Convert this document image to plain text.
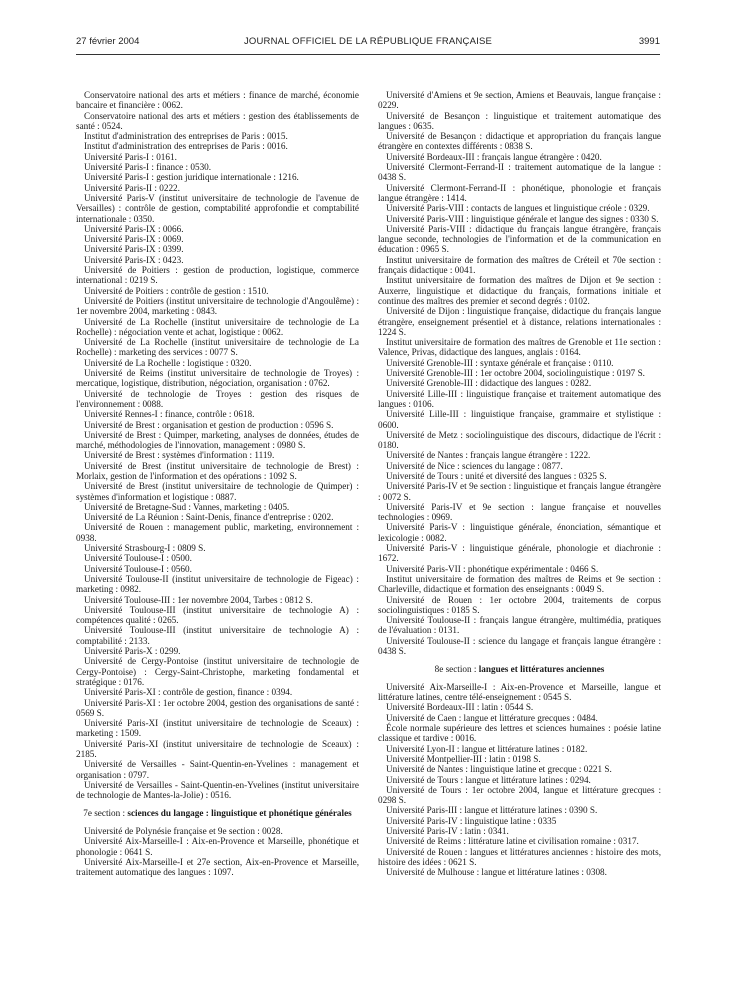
27 février 2004	JOURNAL OFFICIEL DE LA RÉPUBLIQUE FRANÇAISE	3991

Conservatoire national des arts et métiers : finance de marché, économie bancaire et financière : 0062.

Conservatoire national des arts et métiers : gestion des établissements de santé : 0524.

Institut d'administration des entreprises de Paris : 0015.

Institut d'administration des entreprises de Paris : 0016.

Université Paris-I : 0161.

Université Paris-I : finance : 0530.

Université Paris-I : gestion juridique internationale : 1216.

Université Paris-II : 0222.

Université Paris-V (institut universitaire de technologie de l'avenue de Versailles) : contrôle de gestion, comptabilité approfondie et comptabilité internationale : 0350.

Université Paris-IX : 0066.

Université Paris-IX : 0069.

Université Paris-IX : 0399.

Université Paris-IX : 0423.

Université de Poitiers : gestion de production, logistique, commerce international : 0219 S.

Université de Poitiers : contrôle de gestion : 1510.

Université de Poitiers (institut universitaire de technologie d'Angoulême) : 1er novembre 2004, marketing : 0843.

Université de La Rochelle (institut universitaire de technologie de La Rochelle) : négociation vente et achat, logistique : 0062.

Université de La Rochelle (institut universitaire de technologie de La Rochelle) : marketing des services : 0077 S.

Université de La Rochelle : logistique : 0320.

Université de Reims (institut universitaire de technologie de Troyes) : mercatique, logistique, distribution, négociation, organisation : 0762.

Université de technologie de Troyes : gestion des risques de l'environnement : 0088.

Université Rennes-I : finance, contrôle : 0618.

Université de Brest : organisation et gestion de production : 0596 S.

Université de Brest : Quimper, marketing, analyses de données, études de marché, méthodologies de l'innovation, management : 0980 S.

Université de Brest : systèmes d'information : 1119.

Université de Brest (institut universitaire de technologie de Brest) : Morlaix, gestion de l'information et des opérations : 1092 S.

Université de Brest (institut universitaire de technologie de Quimper) : systèmes d'information et logistique : 0887.

Université de Bretagne-Sud : Vannes, marketing : 0405.

Université de La Réunion : Saint-Denis, finance d'entreprise : 0202.

Université de Rouen : management public, marketing, environnement : 0938.

Université Strasbourg-I : 0809 S.

Université Toulouse-I : 0500.

Université Toulouse-I : 0560.

Université Toulouse-II (institut universitaire de technologie de Figeac) : marketing : 0982.

Université Toulouse-III : 1er novembre 2004, Tarbes : 0812 S.

Université Toulouse-III (institut universitaire de technologie A) : compétences qualité : 0265.

Université Toulouse-III (institut universitaire de technologie A) : comptabilité : 2133.

Université Paris-X : 0299.

Université de Cergy-Pontoise (institut universitaire de technologie de Cergy-Pontoise) : Cergy-Saint-Christophe, marketing fondamental et stratégique : 0176.

Université Paris-XI : contrôle de gestion, finance : 0394.

Université Paris-XI : 1er octobre 2004, gestion des organisations de santé : 0569 S.

Université Paris-XI (institut universitaire de technologie de Sceaux) : marketing : 1509.

Université Paris-XI (institut universitaire de technologie de Sceaux) : 2185.

Université de Versailles - Saint-Quentin-en-Yvelines : management et organisation : 0797.

Université de Versailles - Saint-Quentin-en-Yvelines (institut universitaire de technologie de Mantes-la-Jolie) : 0516.

7e section : sciences du langage : linguistique et phonétique générales

Université de Polynésie française et 9e section : 0028.

Université Aix-Marseille-I : Aix-en-Provence et Marseille, phonétique et phonologie : 0641 S.

Université Aix-Marseille-I et 27e section, Aix-en-Provence et Marseille, traitement automatique des langues : 1097.

Université d'Amiens et 9e section, Amiens et Beauvais, langue française : 0229.

Université de Besançon : linguistique et traitement automatique des langues : 0635.

Université de Besançon : didactique et appropriation du français langue étrangère en contextes différents : 0838 S.

Université Bordeaux-III : français langue étrangère : 0420.

Université Clermont-Ferrand-II : traitement automatique de la langue : 0438 S.

Université Clermont-Ferrand-II : phonétique, phonologie et français langue étrangère : 1414.

Université Paris-VIII : contacts de langues et linguistique créole : 0329.

Université Paris-VIII : linguistique générale et langue des signes : 0330 S.

Université Paris-VIII : didactique du français langue étrangère, français langue seconde, technologies de l'information et de la communication en éducation : 0965 S.

Institut universitaire de formation des maîtres de Créteil et 70e section : français didactique : 0041.

Institut universitaire de formation des maîtres de Dijon et 9e section : Auxerre, linguistique et didactique du français, formations initiale et continue des maîtres des premier et second degrés : 0102.

Université de Dijon : linguistique française, didactique du français langue étrangère, enseignement présentiel et à distance, relations internationales : 1224 S.

Institut universitaire de formation des maîtres de Grenoble et 11e section : Valence, Privas, didactique des langues, anglais : 0164.

Université Grenoble-III : syntaxe générale et française : 0110.

Université Grenoble-III : 1er octobre 2004, sociolinguistique : 0197 S.

Université Grenoble-III : didactique des langues : 0282.

Université Lille-III : linguistique française et traitement automatique des langues : 0106.

Université Lille-III : linguistique française, grammaire et stylistique : 0600.

Université de Metz : sociolinguistique des discours, didactique de l'écrit : 0180.

Université de Nantes : français langue étrangère : 1222.

Université de Nice : sciences du langage : 0877.

Université de Tours : unité et diversité des langues : 0325 S.

Université Paris-IV et 9e section : linguistique et français langue étrangère : 0072 S.

Université Paris-IV et 9e section : langue française et nouvelles technologies : 0969.

Université Paris-V : linguistique générale, énonciation, sémantique et lexicologie : 0082.

Université Paris-V : linguistique générale, phonologie et diachronie : 1672.

Université Paris-VII : phonétique expérimentale : 0466 S.

Institut universitaire de formation des maîtres de Reims et 9e section : Charleville, didactique et formation des enseignants : 0049 S.

Université de Rouen : 1er octobre 2004, traitements de corpus sociolinguistiques : 0185 S.

Université Toulouse-II : français langue étrangère, multimédia, pratiques de l'évaluation : 0131.

Université Toulouse-II : science du langage et français langue étrangère : 0438 S.

8e section : langues et littératures anciennes

Université Aix-Marseille-I : Aix-en-Provence et Marseille, langue et littérature latines, centre télé-enseignement : 0545 S.

Université Bordeaux-III : latin : 0544 S.

Université de Caen : langue et littérature grecques : 0484.

École normale supérieure des lettres et sciences humaines : poésie latine classique et tardive : 0016.

Université Lyon-II : langue et littérature latines : 0182.

Université Montpellier-III : latin : 0198 S.

Université de Nantes : linguistique latine et grecque : 0221 S.

Université de Tours : langue et littérature latines : 0294.

Université de Tours : 1er octobre 2004, langue et littérature grecques : 0298 S.

Université Paris-III : langue et littérature latines : 0390 S.

Université Paris-IV : linguistique latine : 0335

Université Paris-IV : latin : 0341.

Université de Reims : littérature latine et civilisation romaine : 0317.

Université de Rouen : langues et littératures anciennes : histoire des mots, histoire des idées : 0621 S.

Université de Mulhouse : langue et littérature latines : 0308.
